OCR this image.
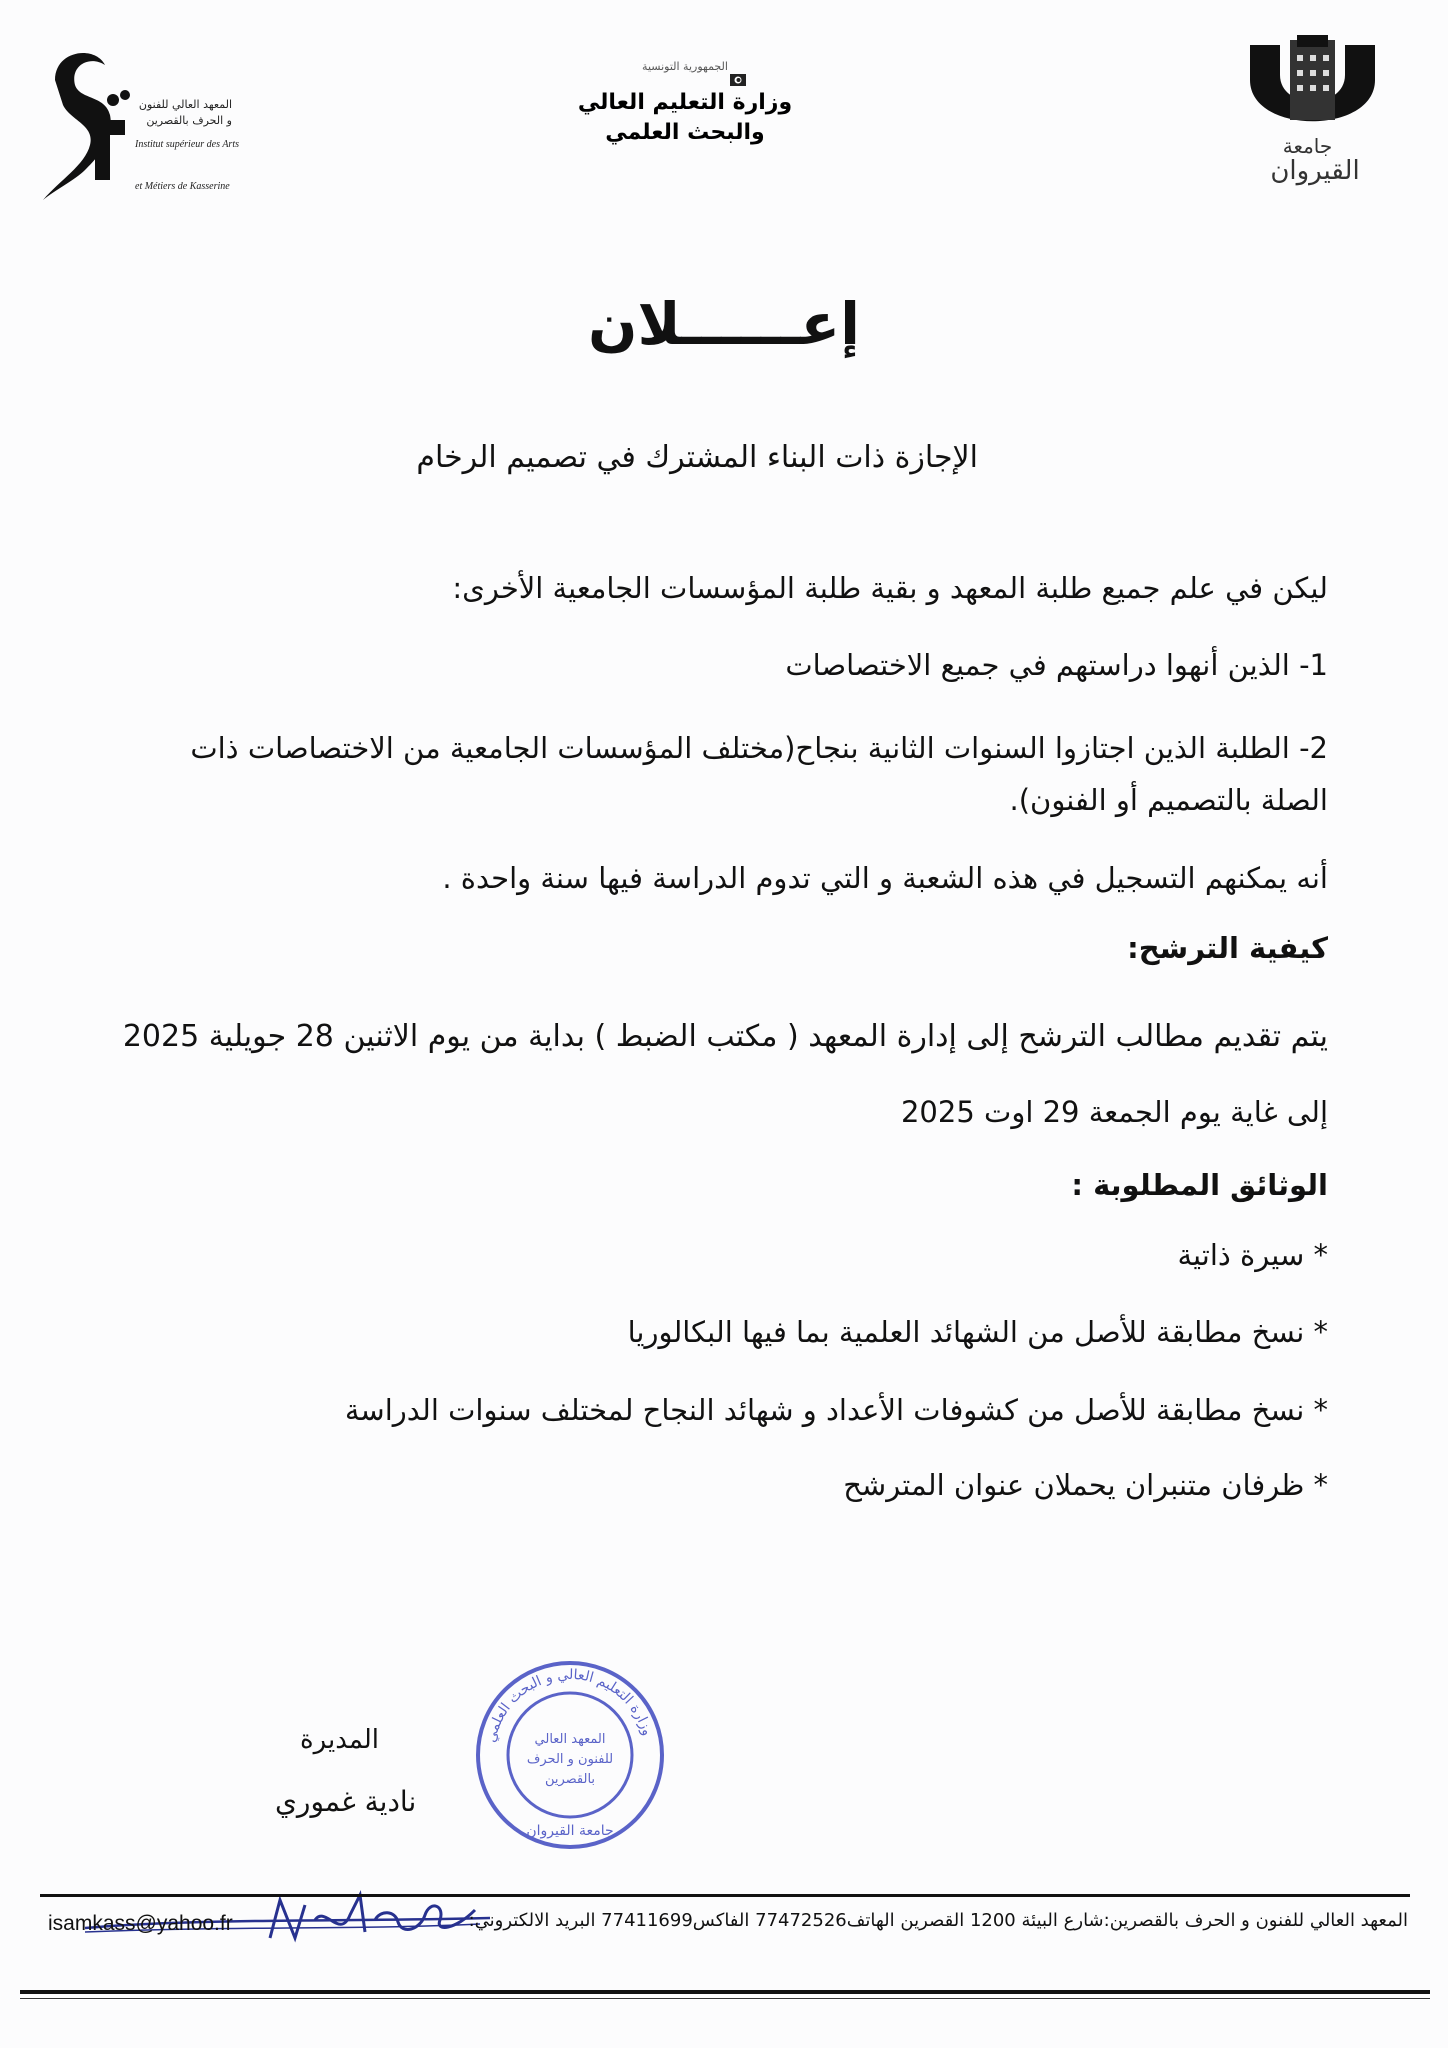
المعهد العالي للفنون
و الحرف بالقصرين
Institut supérieur des Arts
et Métiers de Kasserine
الجمهورية التونسية
وزارة التعليم العالي
والبحث العلمي
جامعة
القيروان
إعــــــلان
الإجازة ذات البناء المشترك في تصميم الرخام
ليكن في علم جميع طلبة المعهد و بقية طلبة المؤسسات الجامعية الأخرى:
1- الذين أنهوا دراستهم في جميع الاختصاصات
2- الطلبة الذين اجتازوا السنوات الثانية بنجاح(مختلف المؤسسات الجامعية من الاختصاصات ذات الصلة بالتصميم أو الفنون).
أنه يمكنهم التسجيل في هذه الشعبة و التي تدوم الدراسة فيها سنة واحدة .
كيفية الترشح:
يتم تقديم مطالب الترشح إلى إدارة المعهد ( مكتب الضبط ) بداية من يوم الاثنين 28 جويلية 2025
إلى غاية يوم الجمعة 29 اوت 2025
الوثائق المطلوبة :
* سيرة ذاتية
* نسخ مطابقة للأصل من الشهائد العلمية بما فيها البكالوريا
* نسخ مطابقة للأصل من كشوفات الأعداد و شهائد النجاح لمختلف سنوات الدراسة
* ظرفان متنبران يحملان عنوان المترشح
المديرة
نادية غموري
المعهد العالي
للفنون و الحرف
بالقصرين
وزارة التعليم العالي و البحث العلمي
جامعة القيروان
المعهد العالي للفنون و الحرف بالقصرين:شارع البيئة 1200 القصرين الهاتف77472526 الفاكس77411699 البريد الالكتروني:
isamkass@yahoo.fr
